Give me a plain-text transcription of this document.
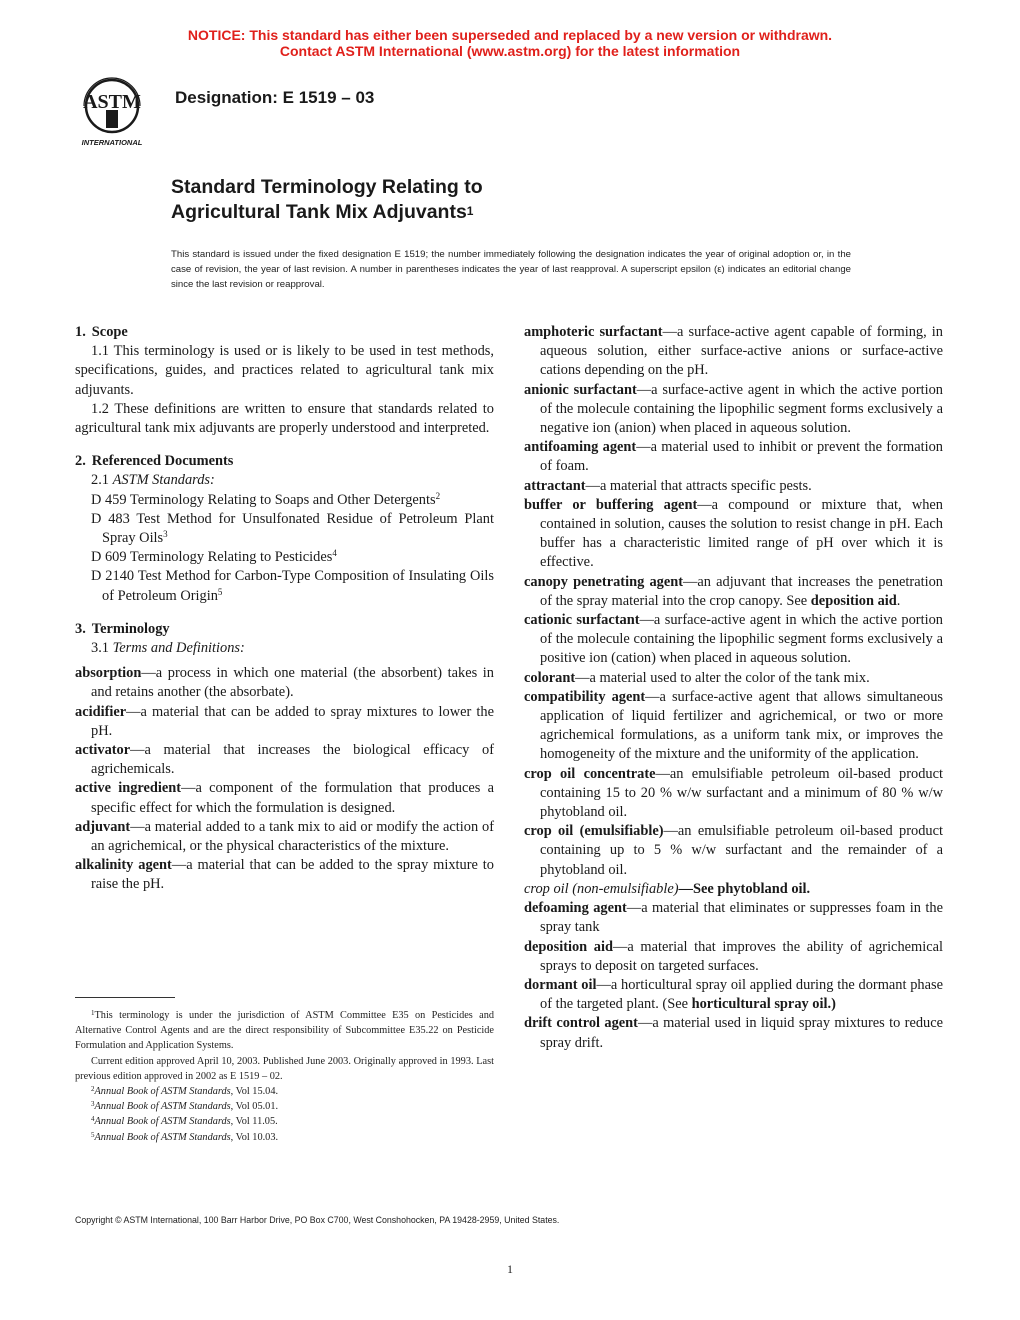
NOTICE: This standard has either been superseded and replaced by a new version or withdrawn.
Contact ASTM International (www.astm.org) for the latest information
ASTM
INTERNATIONAL
Designation: E 1519 – 03
Standard Terminology Relating to
Agricultural Tank Mix Adjuvants$^1$
This standard is issued under the fixed designation E 1519; the number immediately following the designation indicates the year of original adoption or, in the case of revision, the year of last revision. A number in parentheses indicates the year of last reapproval. A superscript epsilon (ε) indicates an editorial change since the last revision or reapproval.

1. Scope

1.1 This terminology is used or is likely to be used in test methods, specifications, guides, and practices related to agricultural tank mix adjuvants.

1.2 These definitions are written to ensure that standards related to agricultural tank mix adjuvants are properly understood and interpreted.

2. Referenced Documents

2.1 ASTM Standards:

D 459 Terminology Relating to Soaps and Other Detergents$^2$

D 483 Test Method for Unsulfonated Residue of Petroleum Plant Spray Oils$^3$

D 609 Terminology Relating to Pesticides$^4$

D 2140 Test Method for Carbon-Type Composition of Insulating Oils of Petroleum Origin$^5$

3. Terminology

3.1 Terms and Definitions:

absorption—a process in which one material (the absorbent) takes in and retains another (the absorbate).

acidifier—a material that can be added to spray mixtures to lower the pH.

activator—a material that increases the biological efficacy of agrichemicals.

active ingredient—a component of the formulation that produces a specific effect for which the formulation is designed.

adjuvant—a material added to a tank mix to aid or modify the action of an agrichemical, or the physical characteristics of the mixture.

alkalinity agent—a material that can be added to the spray mixture to raise the pH.

amphoteric surfactant—a surface-active agent capable of forming, in aqueous solution, either surface-active anions or surface-active cations depending on the pH.

anionic surfactant—a surface-active agent in which the active portion of the molecule containing the lipophilic segment forms exclusively a negative ion (anion) when placed in aqueous solution.

antifoaming agent—a material used to inhibit or prevent the formation of foam.

attractant—a material that attracts specific pests.

buffer or buffering agent—a compound or mixture that, when contained in solution, causes the solution to resist change in pH. Each buffer has a characteristic limited range of pH over which it is effective.

canopy penetrating agent—an adjuvant that increases the penetration of the spray material into the crop canopy. See deposition aid.

cationic surfactant—a surface-active agent in which the active portion of the molecule containing the lipophilic segment forms exclusively a positive ion (cation) when placed in aqueous solution.

colorant—a material used to alter the color of the tank mix.

compatibility agent—a surface-active agent that allows simultaneous application of liquid fertilizer and agrichemical, or two or more agrichemical formulations, as a uniform tank mix, or improves the homogeneity of the mixture and the uniformity of the application.

crop oil concentrate—an emulsifiable petroleum oil-based product containing 15 to 20 % w/w surfactant and a minimum of 80 % w/w phytobland oil.

crop oil (emulsifiable)—an emulsifiable petroleum oil-based product containing up to 5 % w/w surfactant and the remainder of a phytobland oil.

crop oil (non-emulsifiable)—See phytobland oil.

defoaming agent—a material that eliminates or suppresses foam in the spray tank

deposition aid—a material that improves the ability of agrichemical sprays to deposit on targeted surfaces.

dormant oil—a horticultural spray oil applied during the dormant phase of the targeted plant. (See horticultural spray oil.)

drift control agent—a material used in liquid spray mixtures to reduce spray drift.

$^1$This terminology is under the jurisdiction of ASTM Committee E35 on Pesticides and Alternative Control Agents and are the direct responsibility of Subcommittee E35.22 on Pesticide Formulation and Application Systems.

Current edition approved April 10, 2003. Published June 2003. Originally approved in 1993. Last previous edition approved in 2002 as E 1519 – 02.

$^2$Annual Book of ASTM Standards, Vol 15.04.

$^3$Annual Book of ASTM Standards, Vol 05.01.

$^4$Annual Book of ASTM Standards, Vol 11.05.

$^5$Annual Book of ASTM Standards, Vol 10.03.

Copyright © ASTM International, 100 Barr Harbor Drive, PO Box C700, West Conshohocken, PA 19428-2959, United States.
1
